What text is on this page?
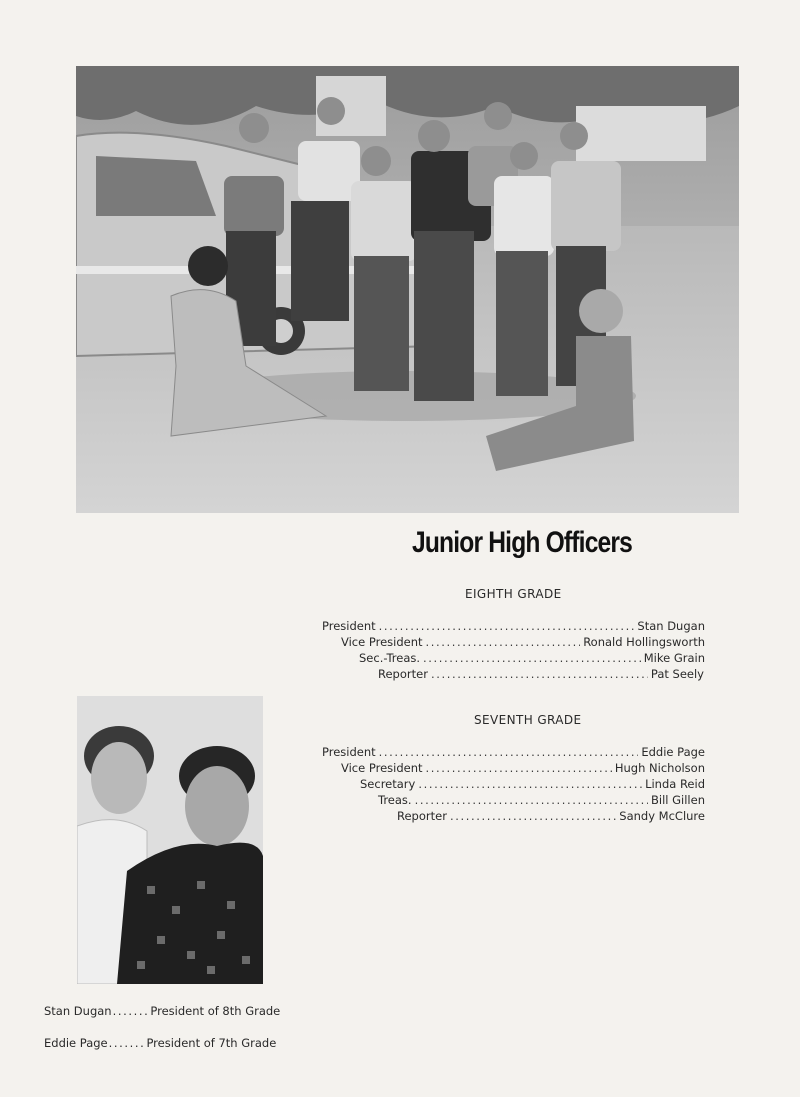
Junior High Officers
EIGHTH GRADE
President .....	Stan Dugan
Vice President .....	Ronald Hollingsworth
Sec.-Treas. .....	Mike Grain
Reporter .....	Pat Seely
SEVENTH GRADE
President .....	Eddie Page
Vice President .....	Hugh Nicholson
Secretary .....	Linda Reid
Treas. .....	Bill Gillen
Reporter .....	Sandy McClure
Stan Dugan .......	President of 8th Grade
Eddie Page .......	President of 7th Grade
